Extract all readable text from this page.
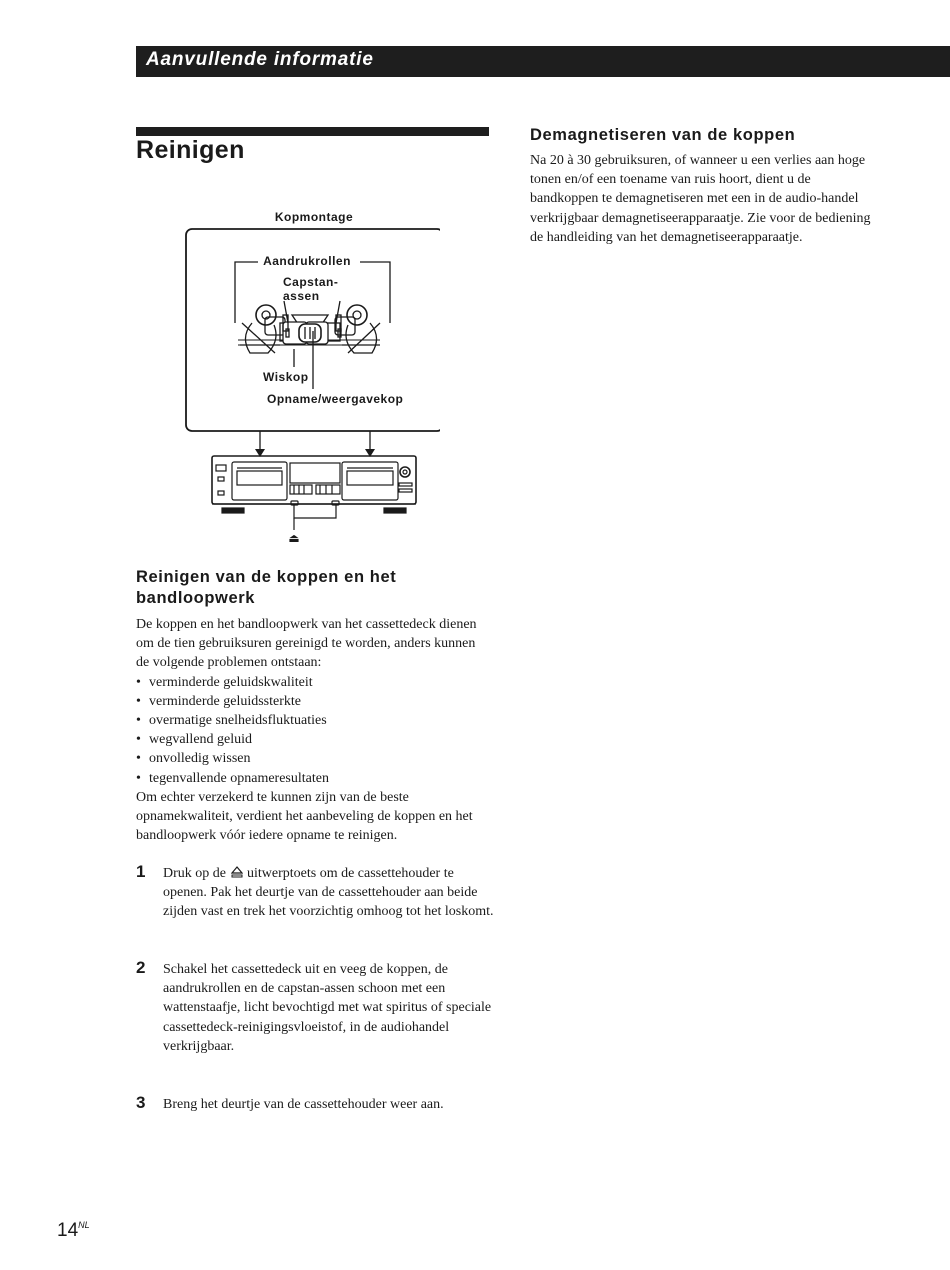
Aanvullende informatie
Reinigen
Kopmontage
Aandrukrollen
Capstan-
assen
Wiskop
Opname/weergavekop
⏏
Reinigen van de koppen en het
bandloopwerk

De koppen en het bandloopwerk van het cassettedeck dienen om de tien gebruiksuren gereinigd te worden, anders kunnen de volgende problemen ontstaan:

• verminderde geluidskwaliteit
• verminderde geluidssterkte
• overmatige snelheidsfluktuaties
• wegvallend geluid
• onvolledig wissen
• tegenvallende opnameresultaten

Om echter verzekerd te kunnen zijn van de beste opnamekwaliteit, verdient het aanbeveling de koppen en het bandloopwerk vóór iedere opname te reinigen.

1 Druk op de uitwerptoets om de cassettehouder te openen. Pak het deurtje van de cassettehouder aan beide zijden vast en trek het voorzichtig omhoog tot het loskomt.
2 Schakel het cassettedeck uit en veeg de koppen, de aandrukrollen en de capstan-assen schoon met een wattenstaafje, licht bevochtigd met wat spiritus of speciale cassettedeck-reinigingsvloeistof, in de audiohandel verkrijgbaar.
3 Breng het deurtje van de cassettehouder weer aan.
Demagnetiseren van de koppen
Na 20 à 30 gebruiksuren, of wanneer u een verlies aan hoge tonen en/of een toename van ruis hoort, dient u de bandkoppen te demagnetiseren met een in de audio-handel verkrijgbaar demagnetiseerapparaatje. Zie voor de bediening de handleiding van het demagnetiseerapparaatje.
$14^{NL}$
